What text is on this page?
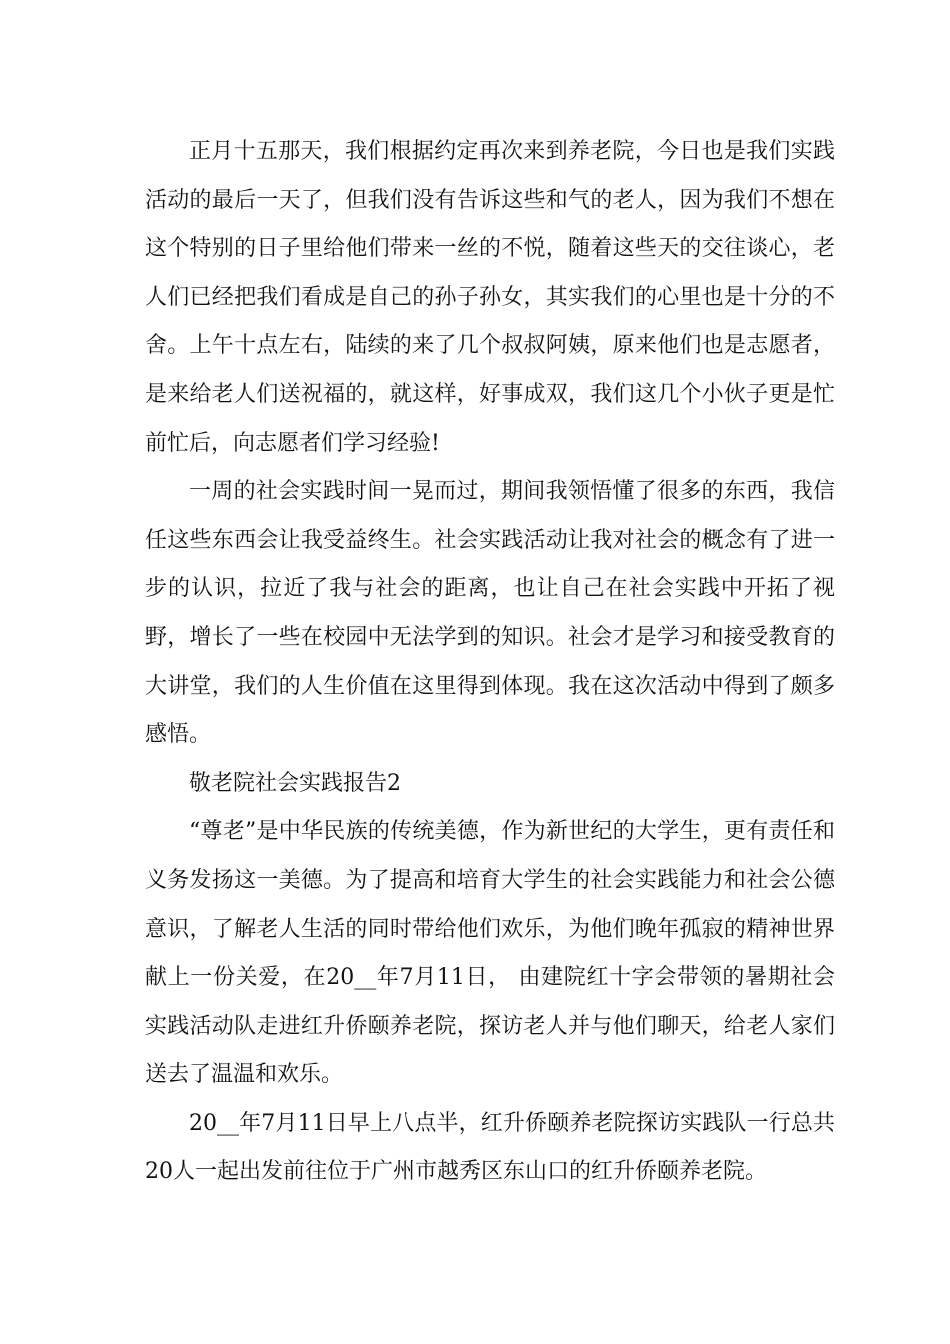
正月十五那天，我们根据约定再次来到养老院，今日也是我们实践活动的最后一天了，但我们没有告诉这些和气的老人，因为我们不想在这个特别的日子里给他们带来一丝的不悦，随着这些天的交往谈心，老人们已经把我们看成是自己的孙子孙女，其实我们的心里也是十分的不舍。上午十点左右，陆续的来了几个叔叔阿姨，原来他们也是志愿者，是来给老人们送祝福的，就这样，好事成双，我们这几个小伙子更是忙前忙后，向志愿者们学习经验!

一周的社会实践时间一晃而过，期间我领悟懂了很多的东西，我信任这些东西会让我受益终生。社会实践活动让我对社会的概念有了进一步的认识，拉近了我与社会的距离，也让自己在社会实践中开拓了视野，增长了一些在校园中无法学到的知识。社会才是学习和接受教育的大讲堂，我们的人生价值在这里得到体现。我在这次活动中得到了颇多感悟。

敬老院社会实践报告2

“尊老”是中华民族的传统美德，作为新世纪的大学生，更有责任和义务发扬这一美德。为了提高和培育大学生的社会实践能力和社会公德意识，了解老人生活的同时带给他们欢乐，为他们晚年孤寂的精神世界献上一份关爱，在20__年7月11日， 由建院红十字会带领的暑期社会实践活动队走进红升侨颐养老院，探访老人并与他们聊天，给老人家们送去了温温和欢乐。

20__年7月11日早上八点半，红升侨颐养老院探访实践队一行总共20人一起出发前往位于广州市越秀区东山口的红升侨颐养老院。
